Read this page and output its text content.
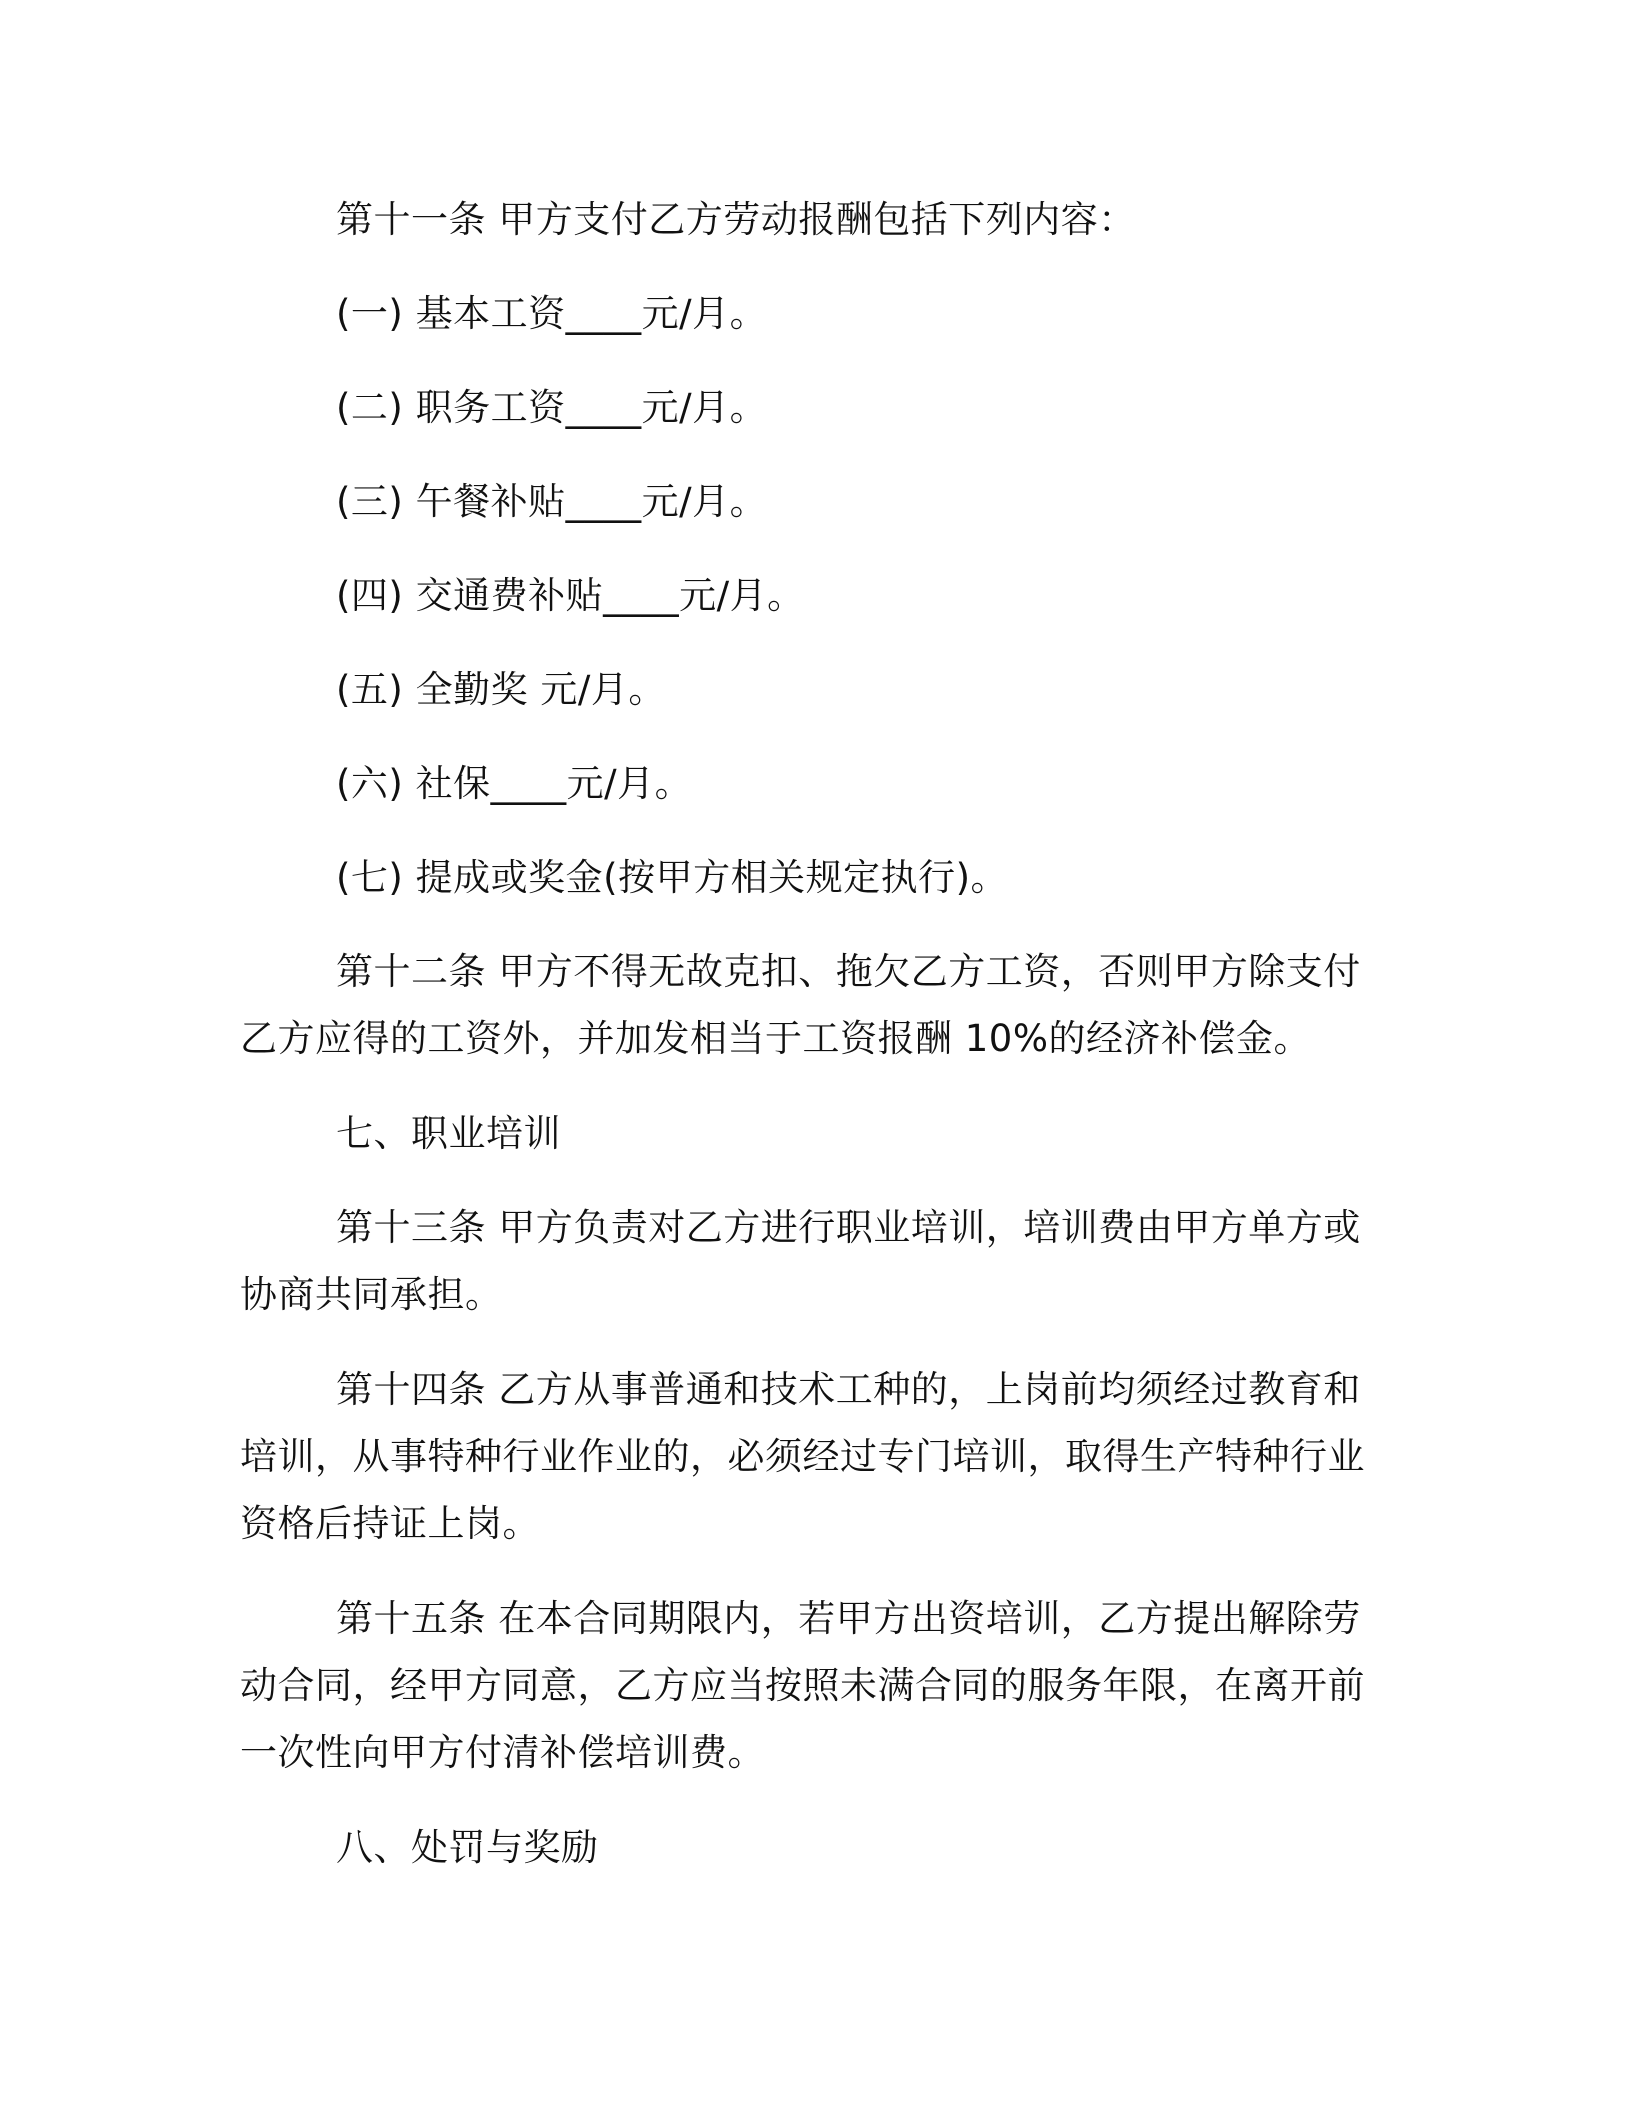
第十一条 甲方支付乙方劳动报酬包括下列内容：

(一) 基本工资____元/月。

(二) 职务工资____元/月。

(三) 午餐补贴____元/月。

(四) 交通费补贴____元/月。

(五) 全勤奖 元/月。

(六) 社保____元/月。

(七) 提成或奖金(按甲方相关规定执行)。

第十二条 甲方不得无故克扣、拖欠乙方工资，否则甲方除支付乙方应得的工资外，并加发相当于工资报酬 10%的经济补偿金。

七、职业培训

第十三条 甲方负责对乙方进行职业培训，培训费由甲方单方或协商共同承担。

第十四条 乙方从事普通和技术工种的，上岗前均须经过教育和培训，从事特种行业作业的，必须经过专门培训，取得生产特种行业资格后持证上岗。

第十五条 在本合同期限内，若甲方出资培训，乙方提出解除劳动合同，经甲方同意，乙方应当按照未满合同的服务年限，在离开前一次性向甲方付清补偿培训费。

八、处罚与奖励
